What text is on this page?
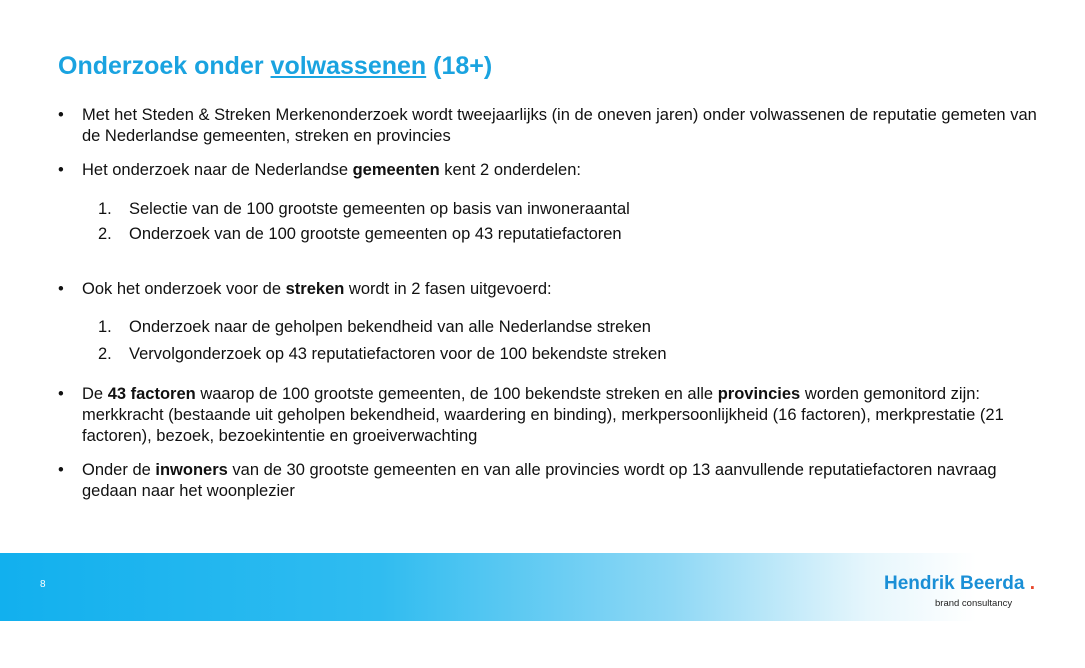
Onderzoek onder volwassenen (18+)
•	Met het Steden & Streken Merkenonderzoek wordt tweejaarlijks (in de oneven jaren) onder volwassenen de reputatie gemeten van de Nederlandse gemeenten, streken en provincies
•	Het onderzoek naar de Nederlandse gemeenten kent 2 onderdelen:
1. Selectie van de 100 grootste gemeenten op basis van inwoneraantal
2. Onderzoek van de 100 grootste gemeenten op 43 reputatiefactoren
•	Ook het onderzoek voor de streken wordt in 2 fasen uitgevoerd:
1. Onderzoek naar de geholpen bekendheid van alle Nederlandse streken
2. Vervolgonderzoek op 43 reputatiefactoren voor de 100 bekendste streken
•	De 43 factoren waarop de 100 grootste gemeenten, de 100 bekendste streken en alle provincies worden gemonitord zijn: merkkracht (bestaande uit geholpen bekendheid, waardering en binding), merkpersoonlijkheid (16 factoren), merkprestatie (21 factoren), bezoek, bezoekintentie en groeiverwachting
•	Onder de inwoners van de 30 grootste gemeenten en van alle provincies wordt op 13 aanvullende reputatiefactoren navraag gedaan naar het woonplezier
8	Hendrik Beerda .
brand consultancy
